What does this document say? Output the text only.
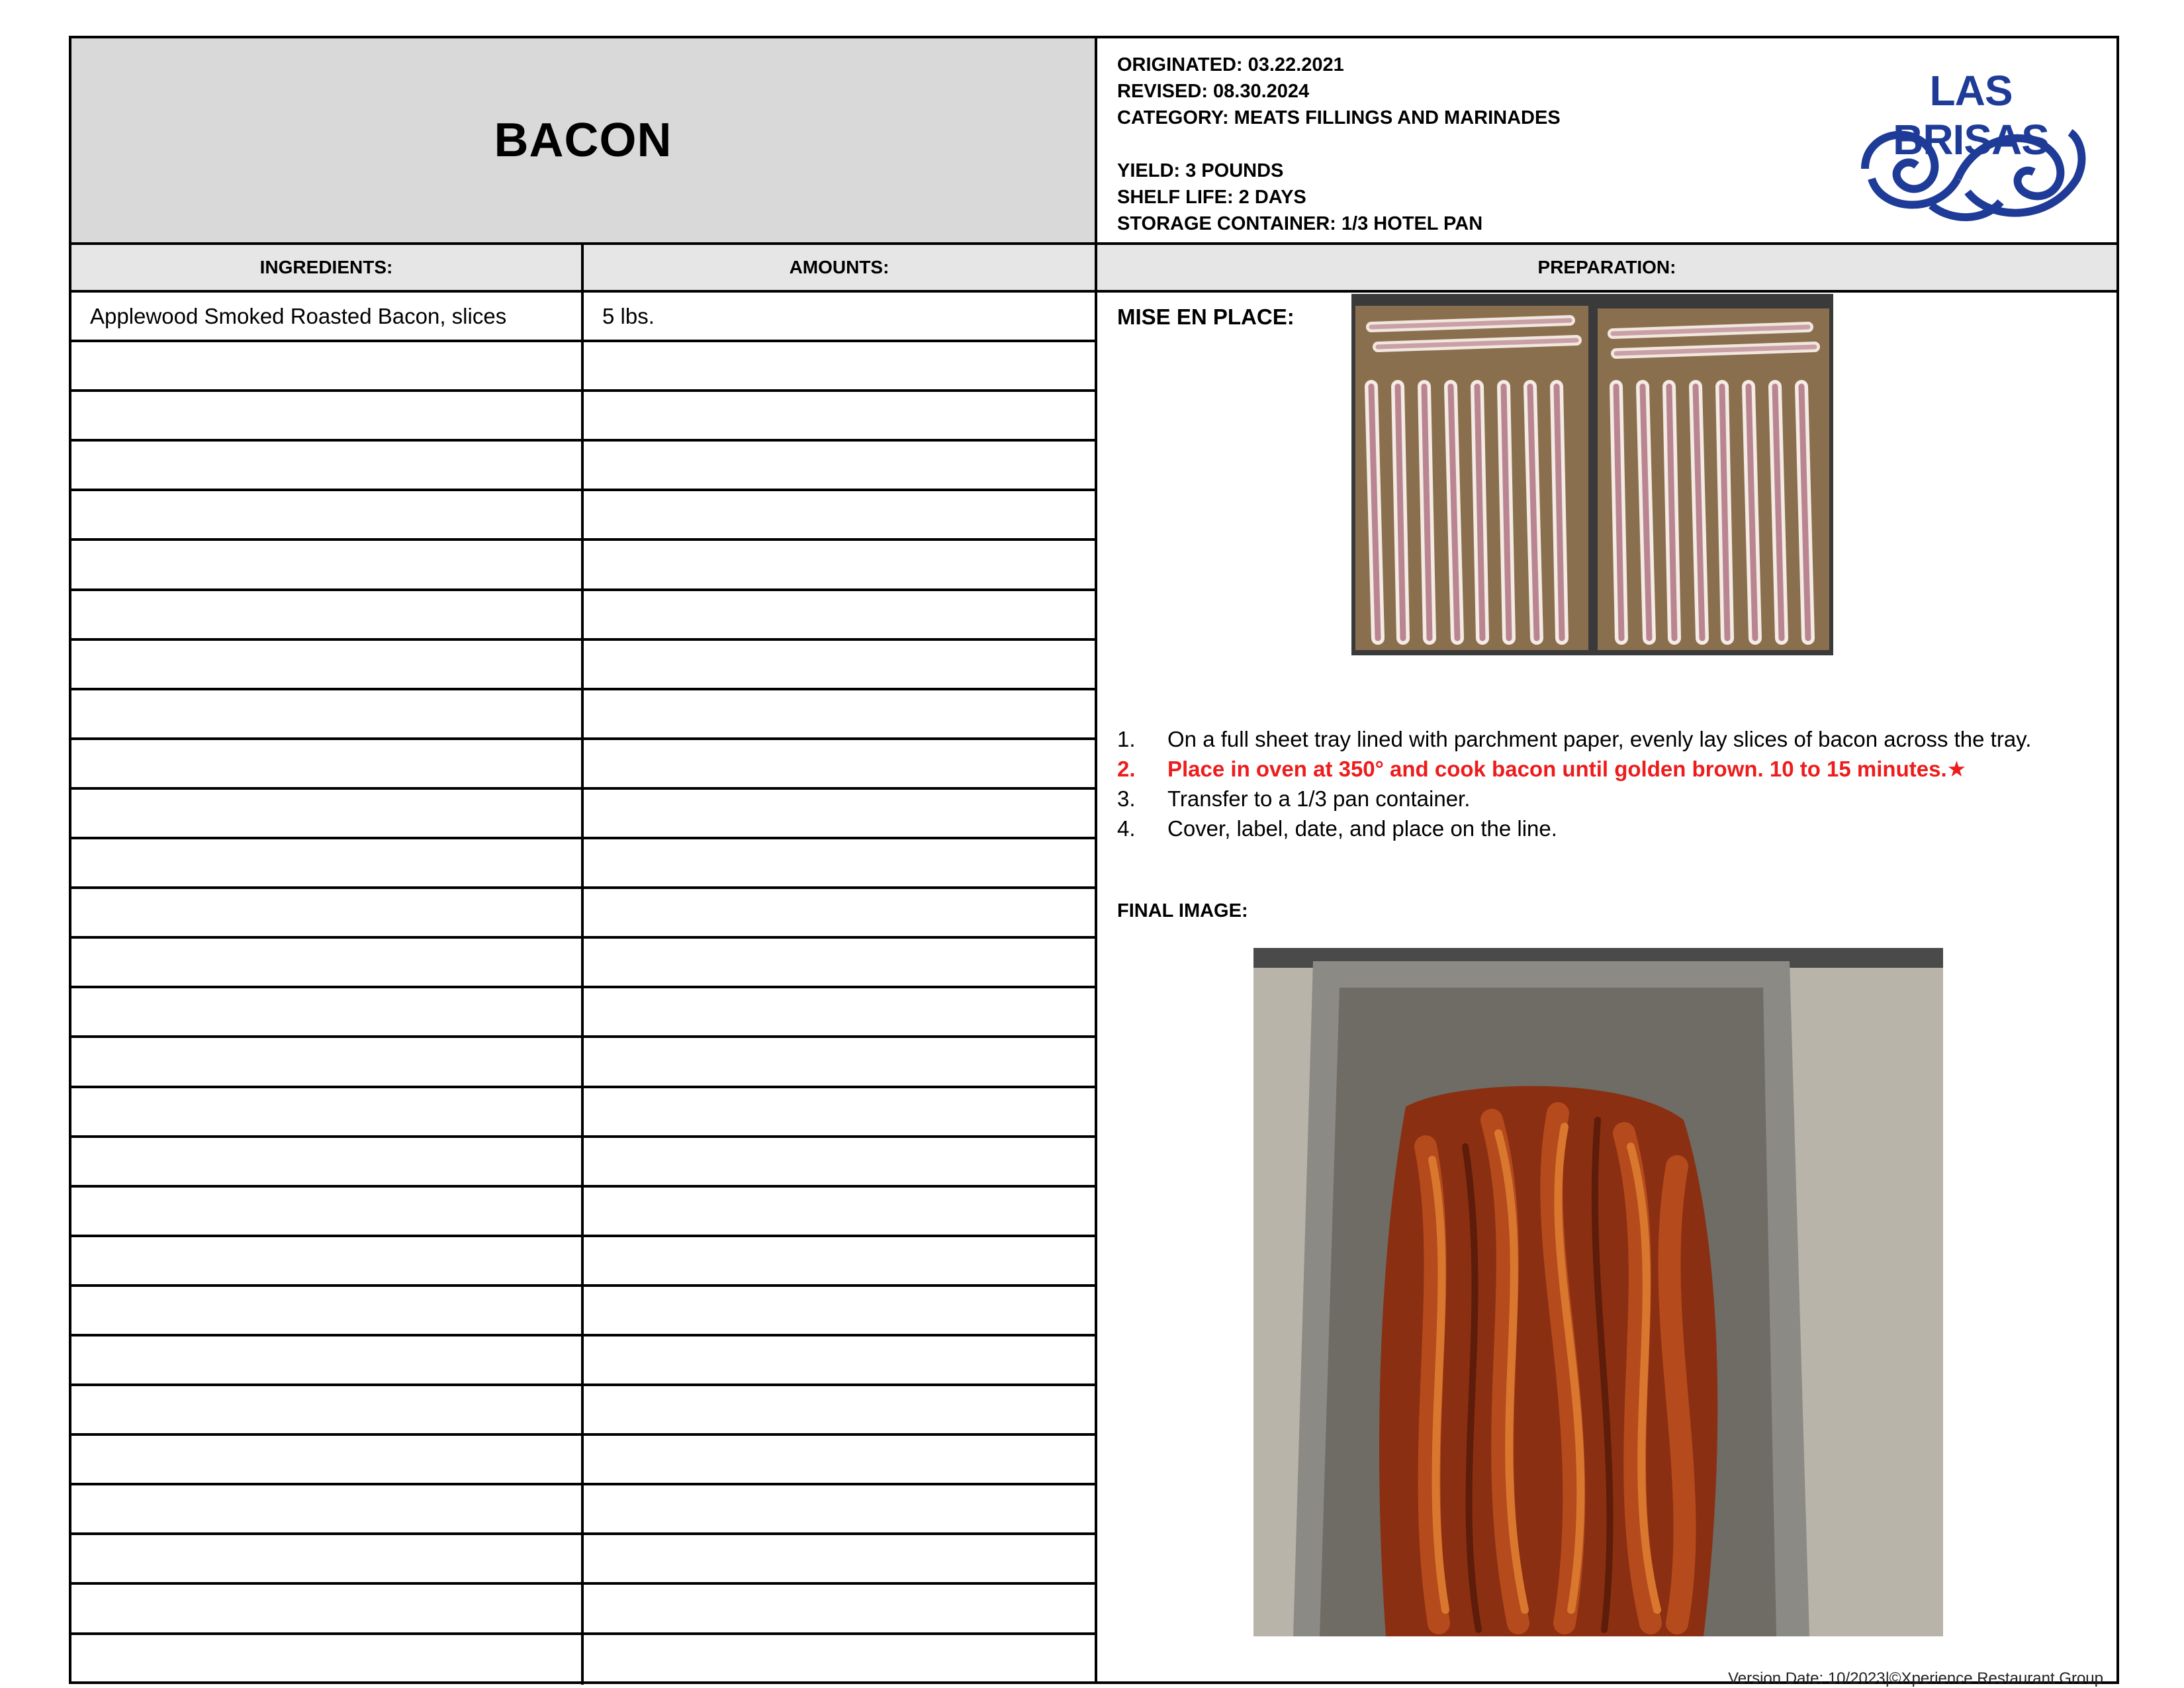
BACON
ORIGINATED: 03.22.2021
REVISED: 08.30.2024
CATEGORY: MEATS FILLINGS AND MARINADES
YIELD: 3 POUNDS
SHELF LIFE: 2 DAYS
STORAGE CONTAINER: 1/3 HOTEL PAN
LAS BRISAS
INGREDIENTS:	AMOUNTS:	PREPARATION:
Applewood Smoked Roasted Bacon, slices	5 lbs.	MISE EN PLACE:
1.	On a full sheet tray lined with parchment paper, evenly lay slices of bacon across the tray.
2.	Place in oven at 350° and cook bacon until golden brown. 10 to 15 minutes.★
3.	Transfer to a 1/3 pan container.
4.	Cover, label, date, and place on the line.
FINAL IMAGE:
Version Date: 10/2023|©Xperience Restaurant Group
